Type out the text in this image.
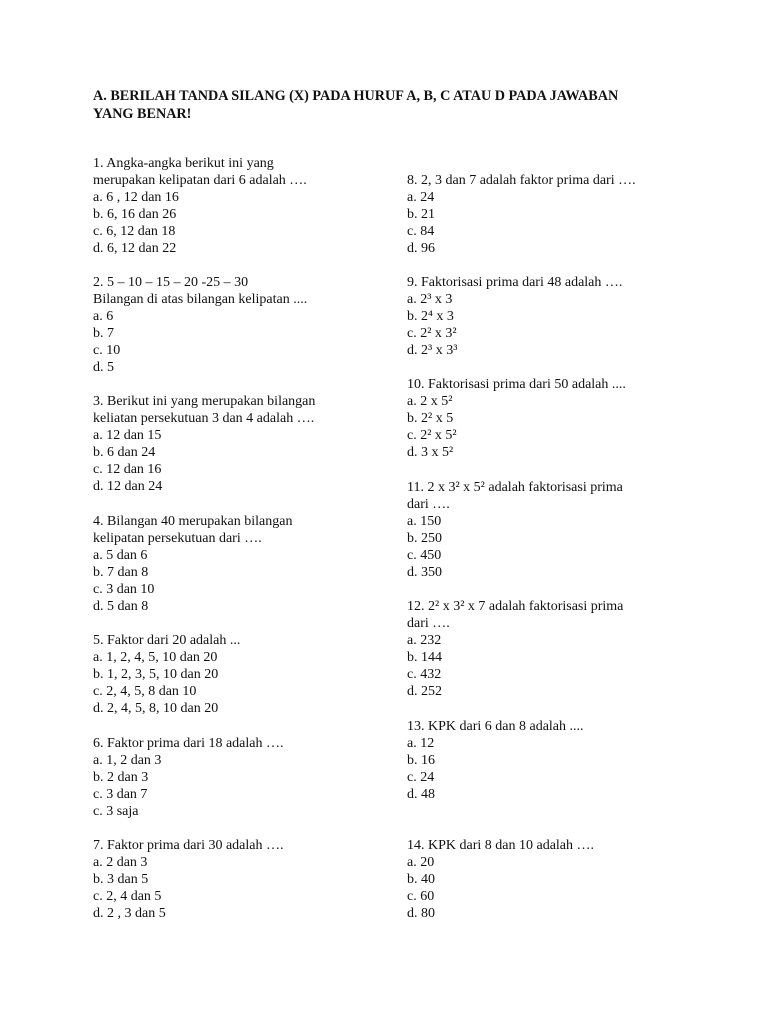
A. BERILAH TANDA SILANG (X) PADA HURUF A, B, C ATAU D PADA JAWABAN
YANG BENAR!
1. Angka-angka berikut ini yang
merupakan kelipatan dari 6 adalah ….
a. 6 , 12 dan 16
b. 6, 16 dan 26
c. 6, 12 dan 18
d. 6, 12 dan 22
2. 5 – 10 – 15 – 20 -25 – 30
Bilangan di atas bilangan kelipatan ....
a. 6
b. 7
c. 10
d. 5
3. Berikut ini yang merupakan bilangan
keliatan persekutuan 3 dan 4 adalah ….
a. 12 dan 15
b. 6 dan 24
c. 12 dan 16
d. 12 dan 24
4. Bilangan 40 merupakan bilangan
kelipatan persekutuan dari ….
a. 5 dan 6
b. 7 dan 8
c. 3 dan 10
d. 5 dan 8
5. Faktor dari 20 adalah ...
a. 1, 2, 4, 5, 10 dan 20
b. 1, 2, 3, 5, 10 dan 20
c. 2, 4, 5, 8 dan 10
d. 2, 4, 5, 8, 10 dan 20
6. Faktor prima dari 18 adalah ….
a. 1, 2 dan 3
b. 2 dan 3
c. 3 dan 7
c. 3 saja
7. Faktor prima dari 30 adalah ….
a. 2 dan 3
b. 3 dan 5
c. 2, 4 dan 5
d. 2 , 3 dan 5
8. 2, 3 dan 7 adalah faktor prima dari ….
a. 24
b. 21
c. 84
d. 96
9. Faktorisasi prima dari 48 adalah ….
a. 2³ x 3
b. 2⁴ x 3
c. 2² x 3²
d. 2³ x 3³
10. Faktorisasi prima dari 50 adalah ....
a. 2 x 5²
b. 2² x 5
c. 2² x 5²
d. 3 x 5²
11. 2 x 3² x 5² adalah faktorisasi prima
dari ….
a. 150
b. 250
c. 450
d. 350
12. 2² x 3² x 7 adalah faktorisasi prima
dari ….
a. 232
b. 144
c. 432
d. 252
13. KPK dari 6 dan 8 adalah ....
a. 12
b. 16
c. 24
d. 48
14. KPK dari 8 dan 10 adalah ….
a. 20
b. 40
c. 60
d. 80
